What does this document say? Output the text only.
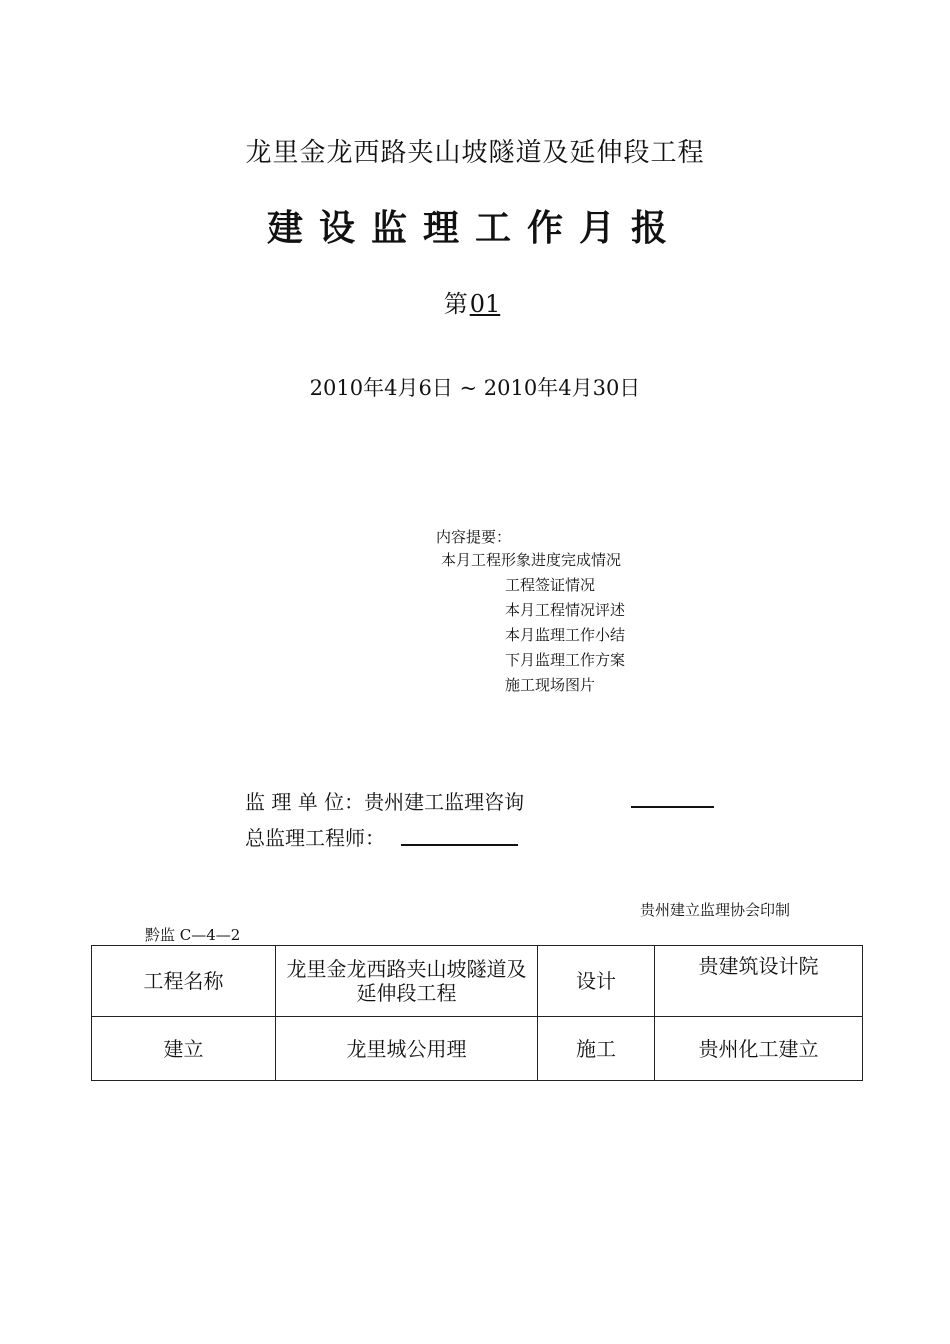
龙里金龙西路夹山坡隧道及延伸段工程
建设监理工作月报
第01
2010年4月6日 ~ 2010年4月30日
内容提要：
本月工程形象进度完成情况
工程签证情况
本月工程情况评述
本月监理工作小结
下月监理工作方案
施工现场图片
监 理 单 位：贵州建工监理咨询
总监理工程师：
贵州建立监理协会印制
黔监 C—4—2
工程名称	龙里金龙西路夹山坡隧道及延伸段工程	设计	贵建筑设计院
建立	龙里城公用理	施工	贵州化工建立
